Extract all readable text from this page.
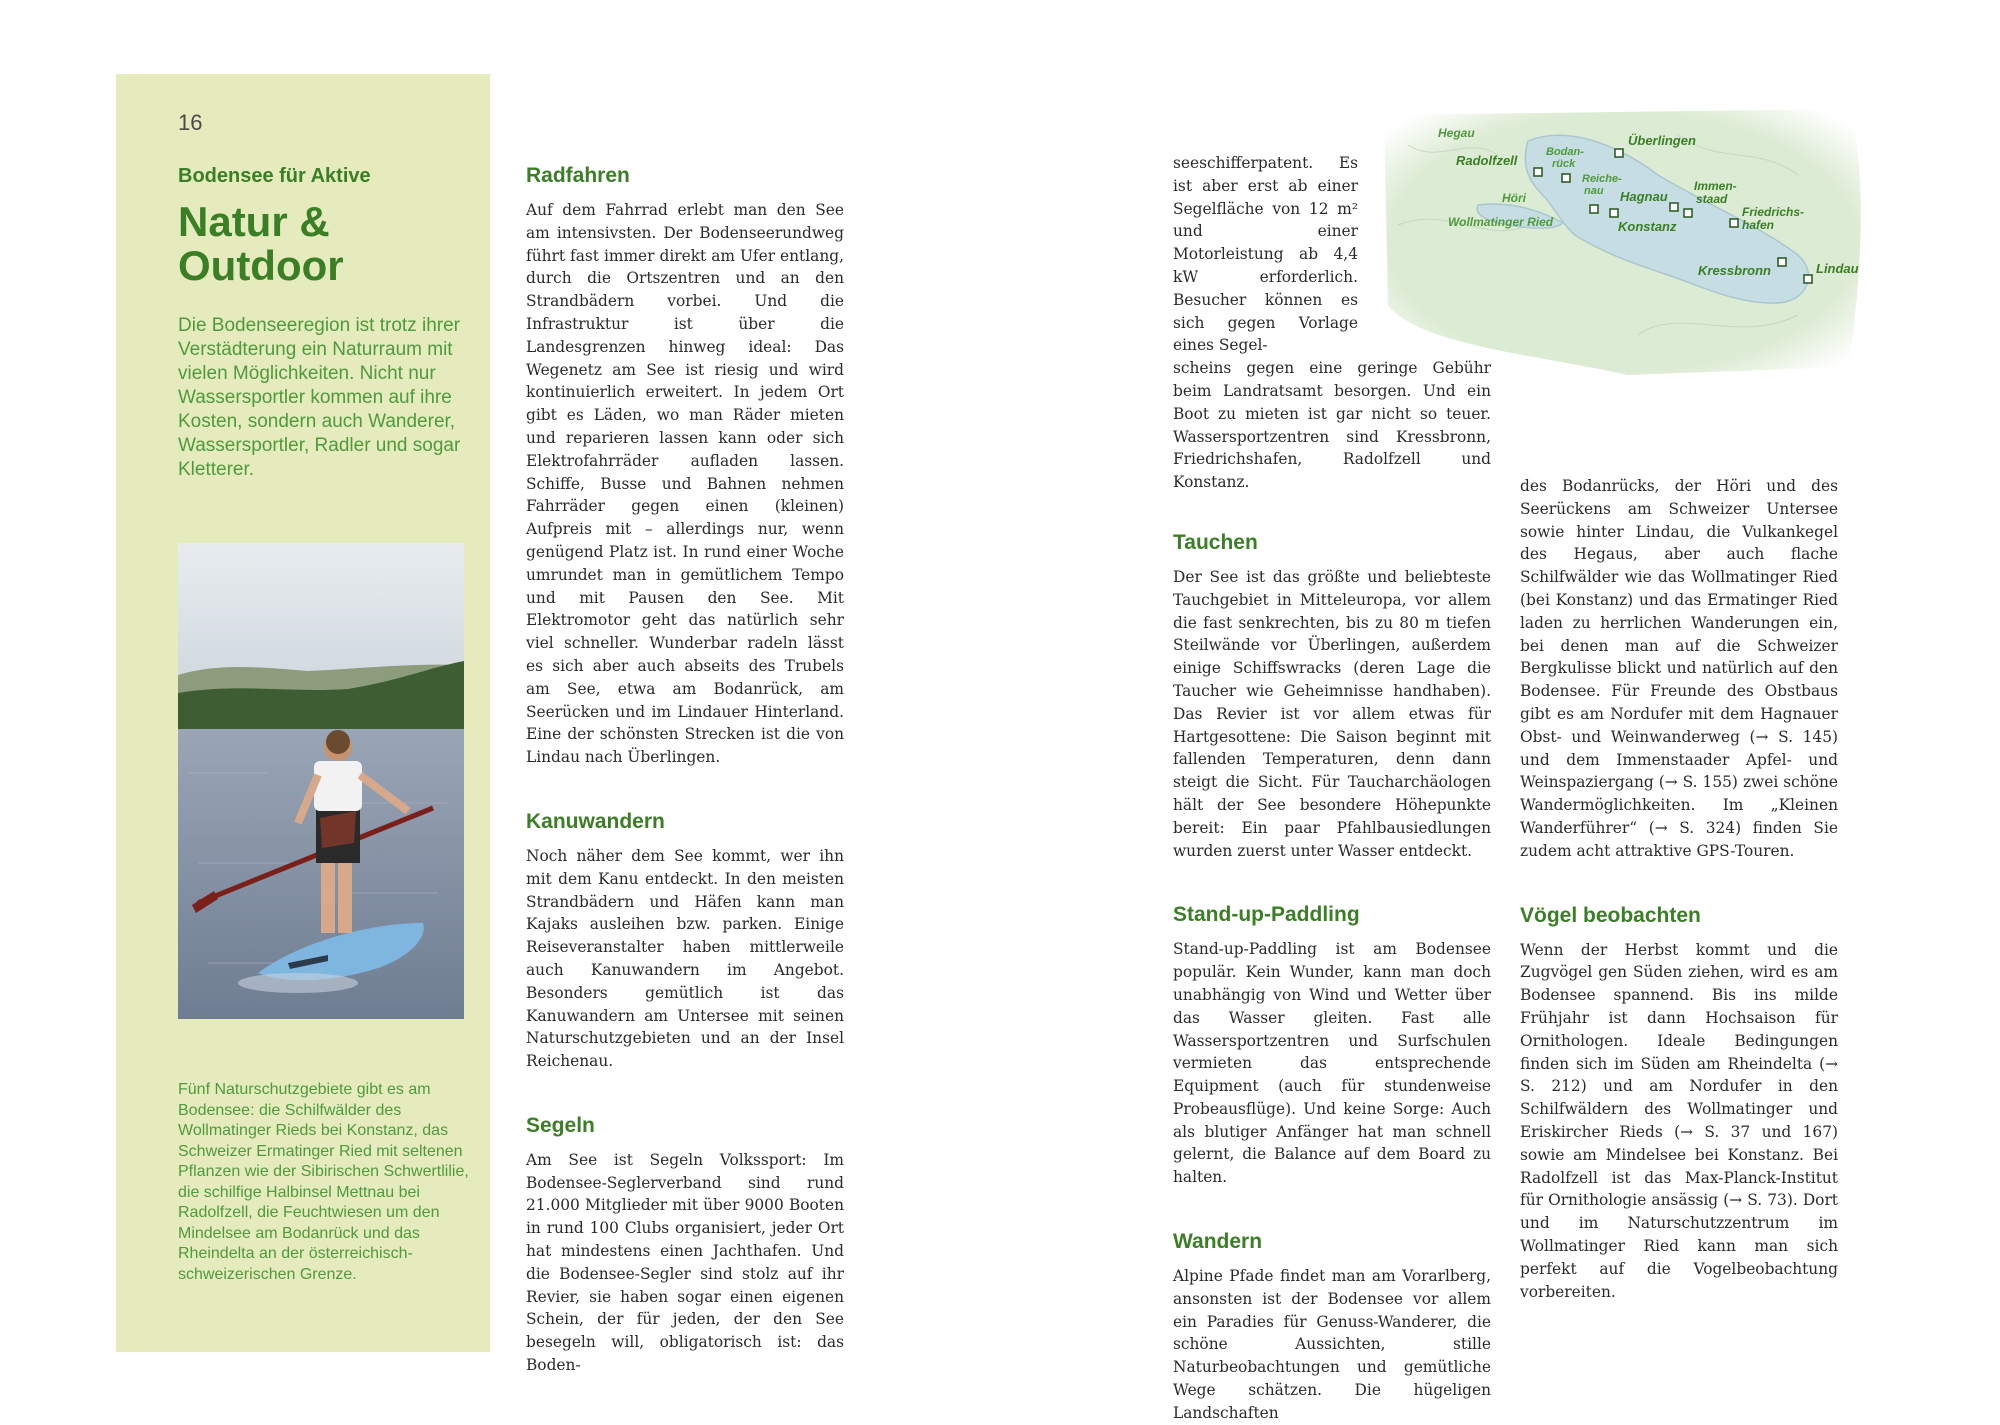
16
Bodensee für Aktive
Natur &
Outdoor

Die Bodenseeregion ist trotz ihrer Verstädterung ein Naturraum mit vielen Möglichkeiten. Nicht nur Wassersportler kommen auf ihre Kosten, sondern auch Wanderer, Wassersportler, Radler und sogar Kletterer.

Fünf Naturschutzgebiete gibt es am Bodensee: die Schilfwälder des Wollmatinger Rieds bei Konstanz, das Schweizer Ermatinger Ried mit seltenen Pflanzen wie der Sibirischen Schwertlilie, die schilfige Halbinsel Mettnau bei Radolfzell, die Feuchtwiesen um den Mindelsee am Bodanrück und das Rheindelta an der österreichisch-schweizerischen Grenze.

Radfahren

Auf dem Fahrrad erlebt man den See am intensivsten. Der Bodenseerundweg führt fast immer direkt am Ufer entlang, durch die Ortszentren und an den Strandbädern vorbei. Und die Infrastruktur ist über die Landesgrenzen hinweg ideal: Das Wegenetz am See ist riesig und wird kontinuierlich erweitert. In jedem Ort gibt es Läden, wo man Räder mieten und reparieren lassen kann oder sich Elektrofahrräder aufladen lassen. Schiffe, Busse und Bahnen nehmen Fahrräder gegen einen (kleinen) Aufpreis mit – allerdings nur, wenn genügend Platz ist. In rund einer Woche umrundet man in gemütlichem Tempo und mit Pausen den See. Mit Elektromotor geht das natürlich sehr viel schneller. Wunderbar radeln lässt es sich aber auch abseits des Trubels am See, etwa am Bodanrück, am Seerücken und im Lindauer Hinterland. Eine der schönsten Strecken ist die von Lindau nach Überlingen.

Kanuwandern

Noch näher dem See kommt, wer ihn mit dem Kanu entdeckt. In den meisten Strandbädern und Häfen kann man Kajaks ausleihen bzw. parken. Einige Reiseveranstalter haben mittlerweile auch Kanuwandern im Angebot. Besonders gemütlich ist das Kanuwandern am Untersee mit seinen Naturschutzgebieten und an der Insel Reichenau.

Segeln

Am See ist Segeln Volkssport: Im Bodensee-Seglerverband sind rund 21.000 Mitglieder mit über 9000 Booten in rund 100 Clubs organisiert, jeder Ort hat mindestens einen Jachthafen. Und die Bodensee-Segler sind stolz auf ihr Revier, sie haben sogar einen eigenen Schein, der für jeden, der den See besegeln will, obligatorisch ist: das Boden-

seeschifferpatent. Es ist aber erst ab einer Segelfläche von 12 m² und einer Motorleistung ab 4,4 kW erforderlich. Besucher können es sich gegen Vorlage eines Segel-

scheins gegen eine geringe Gebühr beim Landratsamt besorgen. Und ein Boot zu mieten ist gar nicht so teuer. Wassersportzentren sind Kressbronn, Friedrichshafen, Radolfzell und Konstanz.

Tauchen

Der See ist das größte und beliebteste Tauchgebiet in Mitteleuropa, vor allem die fast senkrechten, bis zu 80 m tiefen Steilwände vor Überlingen, außerdem einige Schiffswracks (deren Lage die Taucher wie Geheimnisse handhaben). Das Revier ist vor allem etwas für Hartgesottene: Die Saison beginnt mit fallenden Temperaturen, denn dann steigt die Sicht. Für Taucharchäologen hält der See besondere Höhepunkte bereit: Ein paar Pfahlbausiedlungen wurden zuerst unter Wasser entdeckt.

Stand-up-Paddling

Stand-up-Paddling ist am Bodensee populär. Kein Wunder, kann man doch unabhängig von Wind und Wetter über das Wasser gleiten. Fast alle Wassersportzentren und Surfschulen vermieten das entsprechende Equipment (auch für stundenweise Probeausflüge). Und keine Sorge: Auch als blutiger Anfänger hat man schnell gelernt, die Balance auf dem Board zu halten.

Wandern

Alpine Pfade findet man am Vorarlberg, ansonsten ist der Bodensee vor allem ein Paradies für Genuss-Wanderer, die schöne Aussichten, stille Naturbeobachtungen und gemütliche Wege schätzen. Die hügeligen Landschaften

des Bodanrücks, der Höri und des Seerückens am Schweizer Untersee sowie hinter Lindau, die Vulkankegel des Hegaus, aber auch flache Schilfwälder wie das Wollmatinger Ried (bei Konstanz) und das Ermatinger Ried laden zu herrlichen Wanderungen ein, bei denen man auf die Schweizer Bergkulisse blickt und natürlich auf den Bodensee. Für Freunde des Obstbaus gibt es am Nordufer mit dem Hagnauer Obst- und Weinwanderweg (→ S. 145) und dem Immenstaader Apfel- und Weinspaziergang (→ S. 155) zwei schöne Wandermöglichkeiten. Im „Kleinen Wanderführer“ (→ S. 324) finden Sie zudem acht attraktive GPS-Touren.

Vögel beobachten

Wenn der Herbst kommt und die Zugvögel gen Süden ziehen, wird es am Bodensee spannend. Bis ins milde Frühjahr ist dann Hochsaison für Ornithologen. Ideale Bedingungen finden sich im Süden am Rheindelta (→ S. 212) und am Nordufer in den Schilfwäldern des Wollmatinger und Eriskircher Rieds (→ S. 37 und 167) sowie am Mindelsee bei Konstanz. Bei Radolfzell ist das Max-Planck-Institut für Ornithologie ansässig (→ S. 73). Dort und im Naturschutzzentrum im Wollmatinger Ried kann man sich perfekt auf die Vogelbeobachtung vorbereiten.

Hegau
Höri
Wollmatinger Ried
Radolfzell
Bodan-
rück
Reiche-
nau
Überlingen
Hagnau
Immen-
staad
Konstanz
Friedrichs-
hafen
Kressbronn	Lindau
